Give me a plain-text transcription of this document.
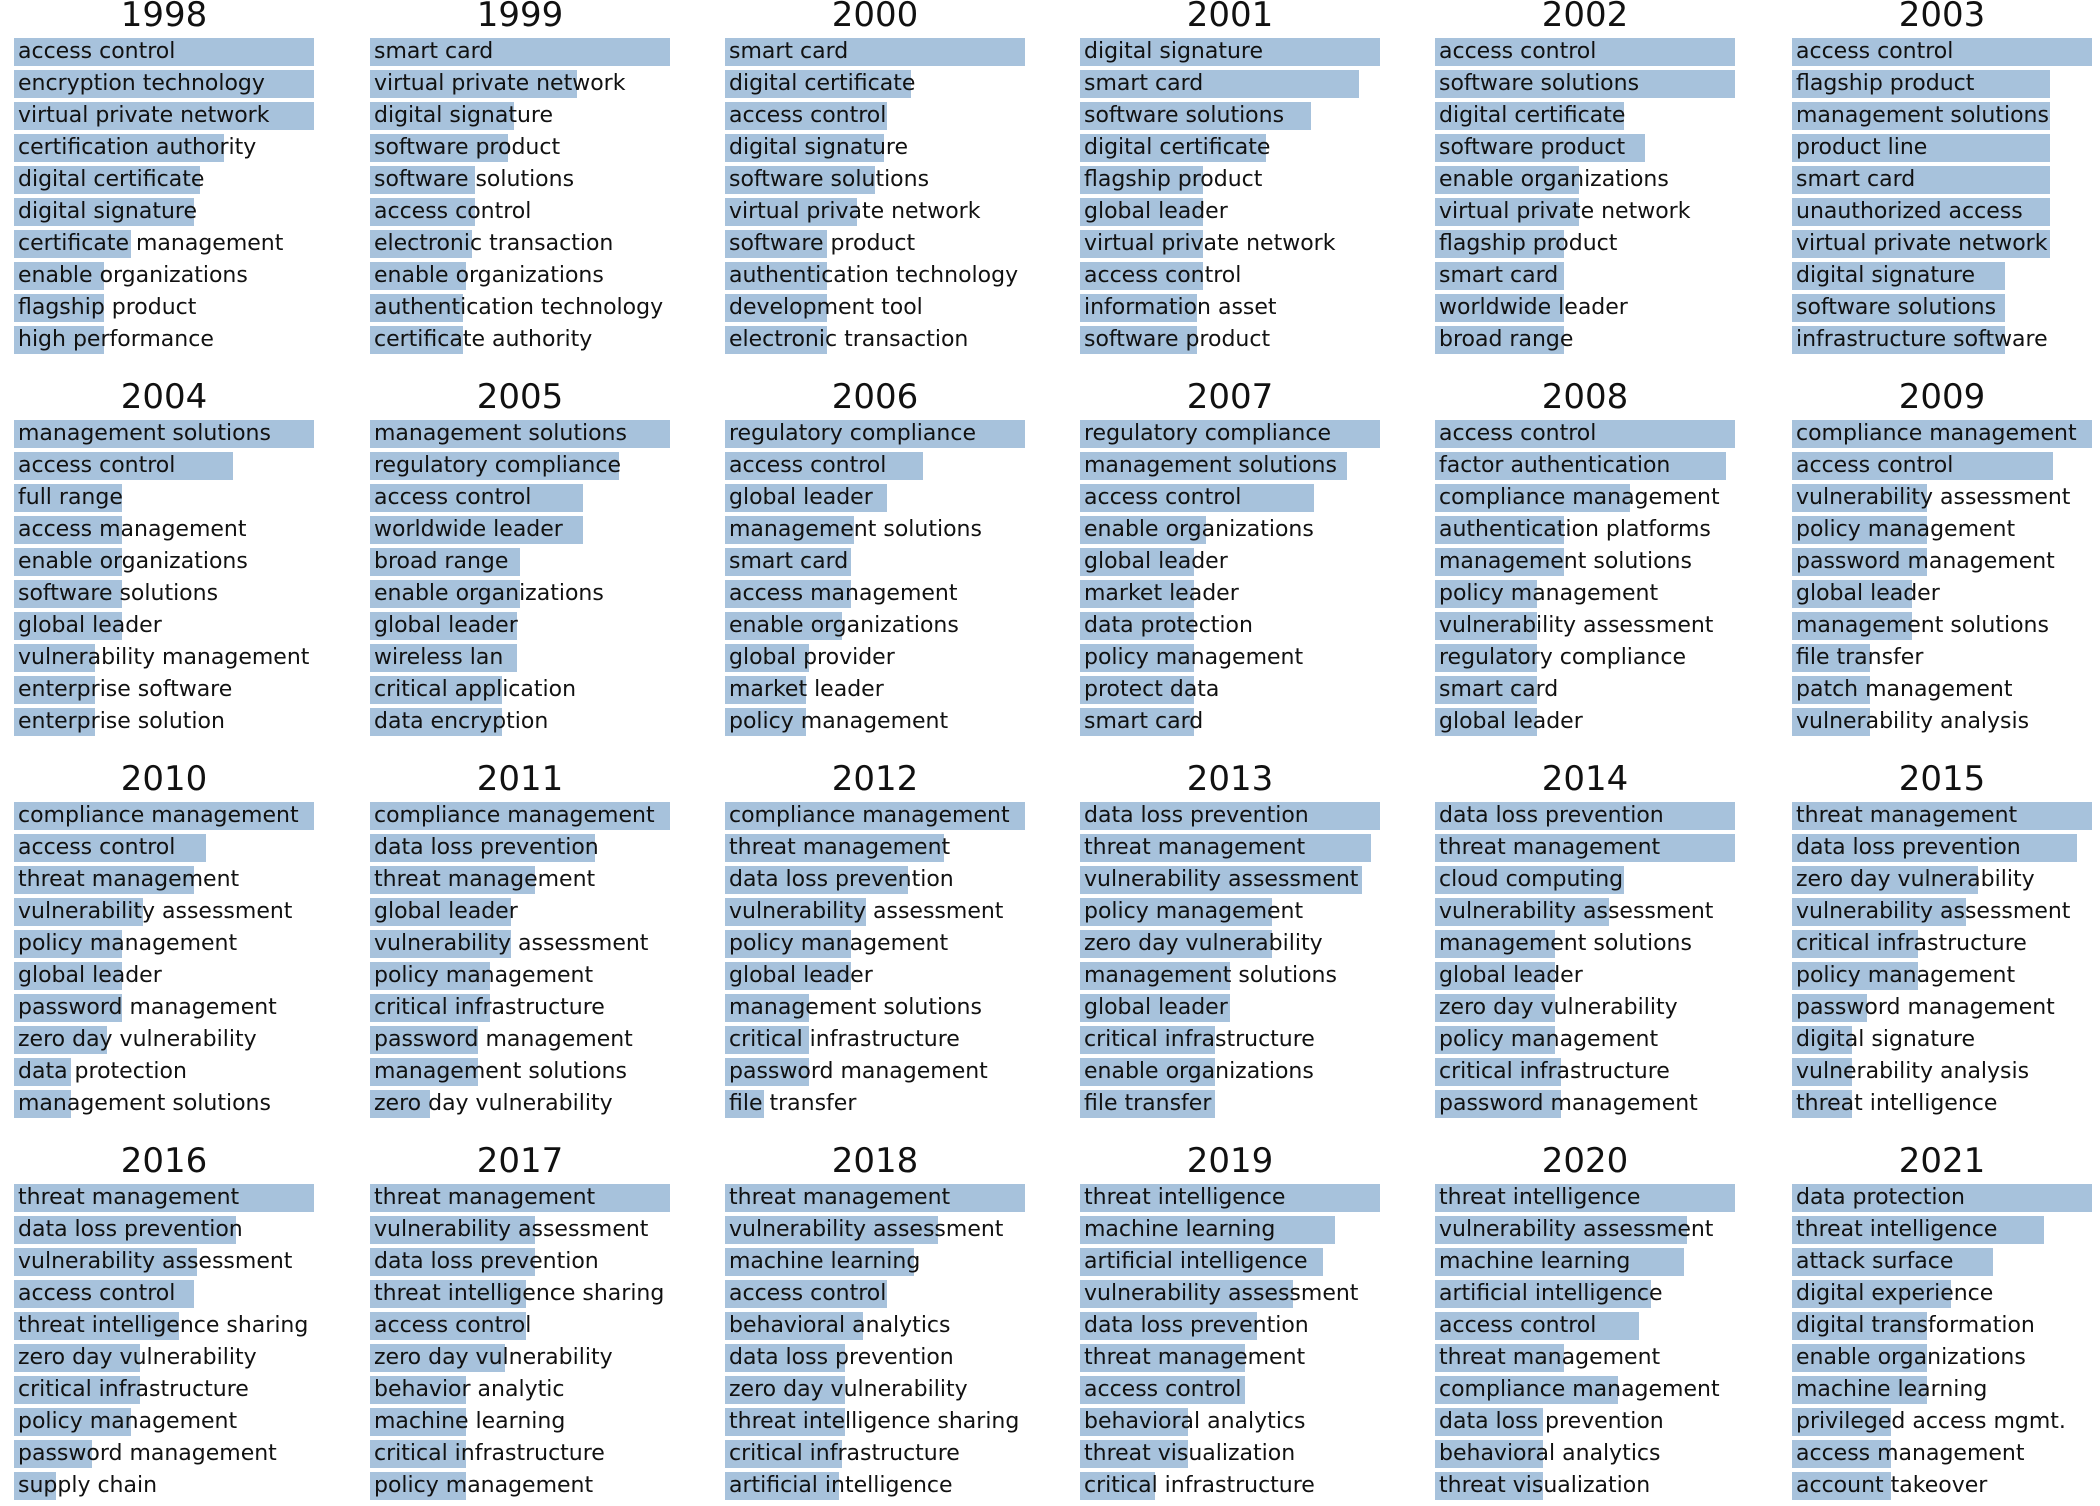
1998
access control
encryption technology
virtual private network
certification authority
digital certificate
digital signature
certificate management
enable organizations
flagship product
high performance
1999
smart card
virtual private network
digital signature
software product
software solutions
access control
electronic transaction
enable organizations
authentication technology
certificate authority
2000
smart card
digital certificate
access control
digital signature
software solutions
virtual private network
software product
authentication technology
development tool
electronic transaction
2001
digital signature
smart card
software solutions
digital certificate
flagship product
global leader
virtual private network
access control
information asset
software product
2002
access control
software solutions
digital certificate
software product
enable organizations
virtual private network
flagship product
smart card
worldwide leader
broad range
2003
access control
flagship product
management solutions
product line
smart card
unauthorized access
virtual private network
digital signature
software solutions
infrastructure software
2004
management solutions
access control
full range
access management
enable organizations
software solutions
global leader
vulnerability management
enterprise software
enterprise solution
2005
management solutions
regulatory compliance
access control
worldwide leader
broad range
enable organizations
global leader
wireless lan
critical application
data encryption
2006
regulatory compliance
access control
global leader
management solutions
smart card
access management
enable organizations
global provider
market leader
policy management
2007
regulatory compliance
management solutions
access control
enable organizations
global leader
market leader
data protection
policy management
protect data
smart card
2008
access control
factor authentication
compliance management
authentication platforms
management solutions
policy management
vulnerability assessment
regulatory compliance
smart card
global leader
2009
compliance management
access control
vulnerability assessment
policy management
password management
global leader
management solutions
file transfer
patch management
vulnerability analysis
2010
compliance management
access control
threat management
vulnerability assessment
policy management
global leader
password management
zero day vulnerability
data protection
management solutions
2011
compliance management
data loss prevention
threat management
global leader
vulnerability assessment
policy management
critical infrastructure
password management
management solutions
zero day vulnerability
2012
compliance management
threat management
data loss prevention
vulnerability assessment
policy management
global leader
management solutions
critical infrastructure
password management
file transfer
2013
data loss prevention
threat management
vulnerability assessment
policy management
zero day vulnerability
management solutions
global leader
critical infrastructure
enable organizations
file transfer
2014
data loss prevention
threat management
cloud computing
vulnerability assessment
management solutions
global leader
zero day vulnerability
policy management
critical infrastructure
password management
2015
threat management
data loss prevention
zero day vulnerability
vulnerability assessment
critical infrastructure
policy management
password management
digital signature
vulnerability analysis
threat intelligence
2016
threat management
data loss prevention
vulnerability assessment
access control
threat intelligence sharing
zero day vulnerability
critical infrastructure
policy management
password management
supply chain
2017
threat management
vulnerability assessment
data loss prevention
threat intelligence sharing
access control
zero day vulnerability
behavior analytic
machine learning
critical infrastructure
policy management
2018
threat management
vulnerability assessment
machine learning
access control
behavioral analytics
data loss prevention
zero day vulnerability
threat intelligence sharing
critical infrastructure
artificial intelligence
2019
threat intelligence
machine learning
artificial intelligence
vulnerability assessment
data loss prevention
threat management
access control
behavioral analytics
threat visualization
critical infrastructure
2020
threat intelligence
vulnerability assessment
machine learning
artificial intelligence
access control
threat management
compliance management
data loss prevention
behavioral analytics
threat visualization
2021
data protection
threat intelligence
attack surface
digital experience
digital transformation
enable organizations
machine learning
privileged access mgmt.
access management
account takeover
